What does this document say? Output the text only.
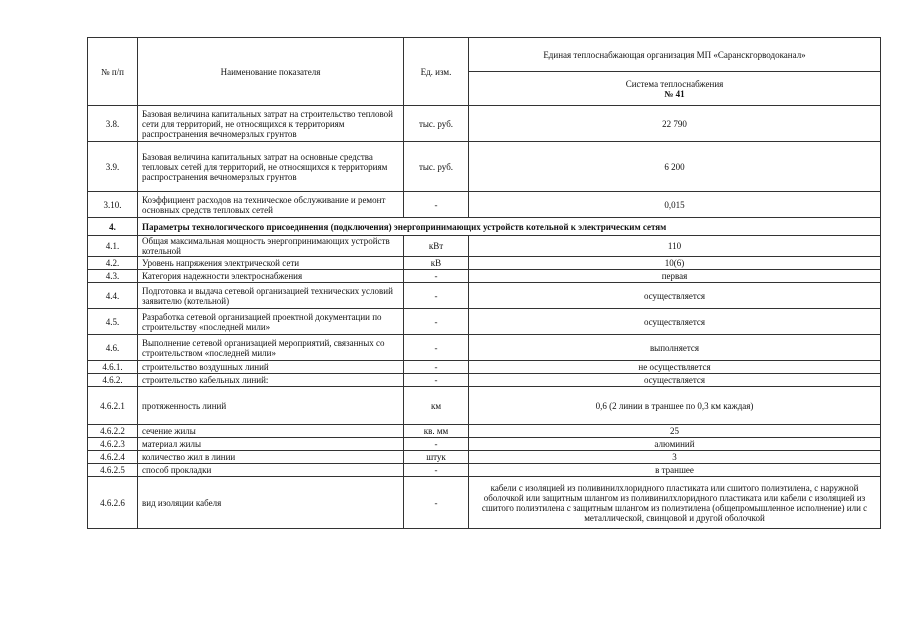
№ п/п	Наименование показателя	Ед. изм.	Единая теплоснабжающая организация МП «Саранскгорводоканал»

			Система теплоснабжения
№ 41

3.8.	Базовая величина капитальных затрат на строительство тепловой сети для территорий, не относящихся к территориям распространения вечномерзлых грунтов	тыс. руб.	22 790
3.9.	Базовая величина капитальных затрат на основные средства тепловых сетей для территорий, не относящихся к территориям распространения вечномерзлых грунтов	тыс. руб.	6 200
3.10.	Коэффициент расходов на техническое обслуживание и ремонт основных средств тепловых сетей	-	0,015
4.	Параметры технологического присоединения (подключения) энергопринимающих устройств котельной к электрическим сетям		
4.1.	Общая максимальная мощность энергопринимающих устройств котельной	кВт	110
4.2.	Уровень напряжения электрической сети	кВ	10(6)
4.3.	Категория надежности электроснабжения	-	первая
4.4.	Подготовка и выдача сетевой организацией технических условий заявителю (котельной)	-	осуществляется
4.5.	Разработка сетевой организацией проектной документации по строительству «последней мили»	-	осуществляется
4.6.	Выполнение сетевой организацией мероприятий, связанных со строительством «последней мили»	-	выполняется
4.6.1.	строительство воздушных линий	-	не осуществляется
4.6.2.	строительство кабельных линий:	-	осуществляется
4.6.2.1	протяженность линий	км	0,6 (2 линии в траншее по 0,3 км каждая)
4.6.2.2	сечение жилы	кв. мм	25
4.6.2.3	материал жилы	-	алюминий
4.6.2.4	количество жил в линии	штук	3
4.6.2.5	способ прокладки	-	в траншее
4.6.2.6	вид изоляции кабеля	-	кабели с изоляцией из поливинилхлоридного пластиката или сшитого полиэтилена, с наружной оболочкой или защитным шлангом из поливинилхлоридного пластиката или кабели с изоляцией из сшитого полиэтилена с защитным шлангом из полиэтилена (общепромышленное исполнение) или с металлической, свинцовой и другой оболочкой
